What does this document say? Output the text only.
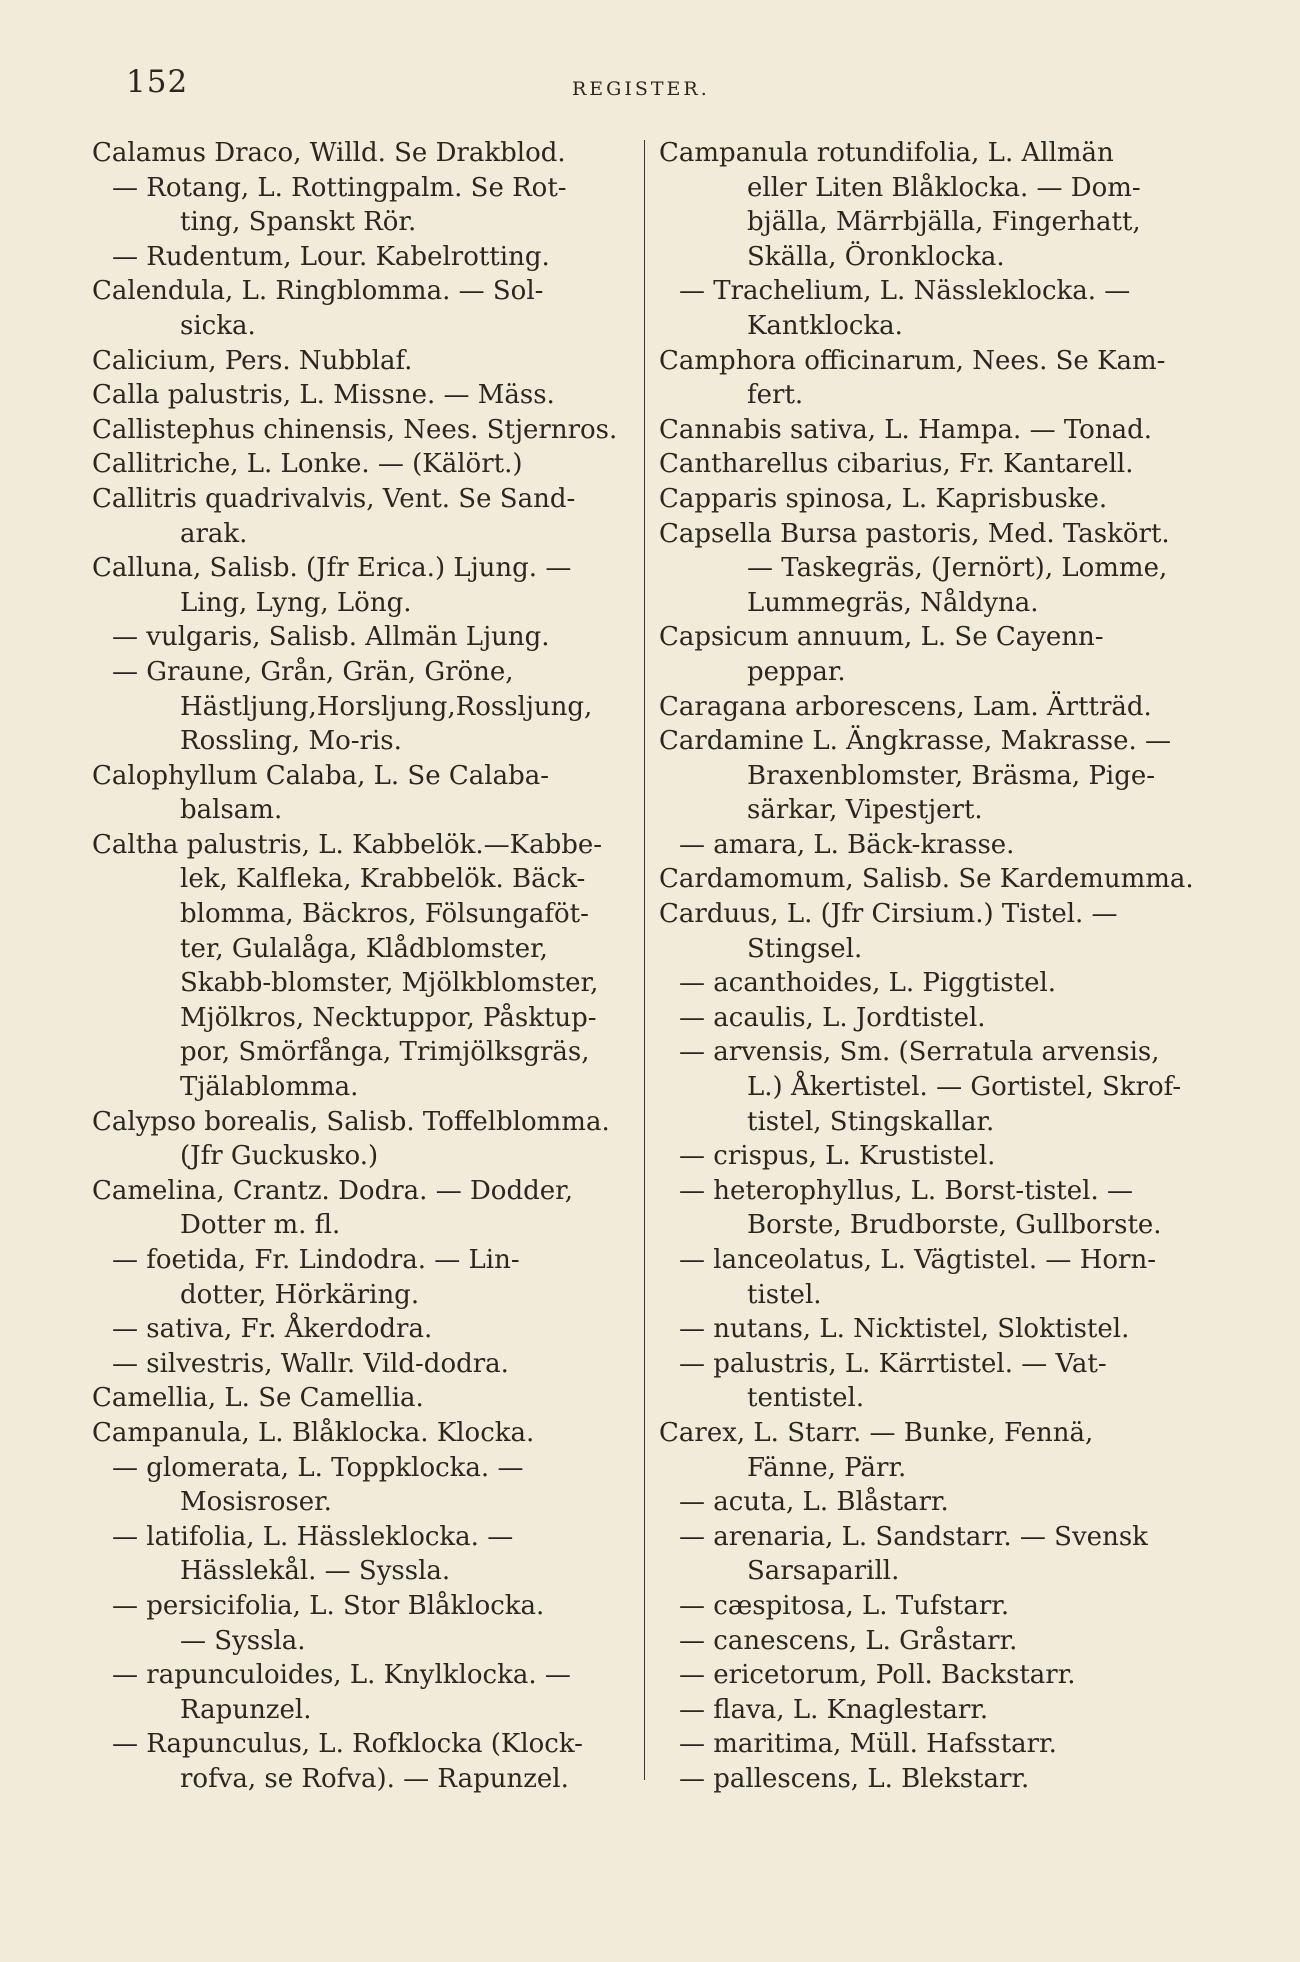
152	REGISTER.
Calamus Draco, Willd. Se Drakblod.
— Rotang, L. Rottingpalm. Se Rot-
ting, Spanskt Rör.
— Rudentum, Lour. Kabelrotting.
Calendula, L. Ringblomma. — Sol-
sicka.
Calicium, Pers. Nubblaf.
Calla palustris, L. Missne. — Mäss.
Callistephus chinensis, Nees. Stjernros.
Callitriche, L. Lonke. — (Kälört.)
Callitris quadrivalvis, Vent. Se Sand-
arak.
Calluna, Salisb. (Jfr Erica.) Ljung. —
Ling, Lyng, Löng.
— vulgaris, Salisb. Allmän Ljung.
— Graune, Grån, Grän, Gröne,
Hästljung,Horsljung,Rossljung,
Rossling, Mo-ris.
Calophyllum Calaba, L. Se Calaba-
balsam.
Caltha palustris, L. Kabbelök.—Kabbe-
lek, Kalfleka, Krabbelök. Bäck-
blomma, Bäckros, Fölsungaföt-
ter, Gulalåga, Klådblomster,
Skabb-blomster, Mjölkblomster,
Mjölkros, Necktuppor, Påsktup-
por, Smörfånga, Trimjölksgräs,
Tjälablomma.
Calypso borealis, Salisb. Toffelblomma.
(Jfr Guckusko.)
Camelina, Crantz. Dodra. — Dodder,
Dotter m. fl.
— foetida, Fr. Lindodra. — Lin-
dotter, Hörkäring.
— sativa, Fr. Åkerdodra.
— silvestris, Wallr. Vild-dodra.
Camellia, L. Se Camellia.
Campanula, L. Blåklocka. Klocka.
— glomerata, L. Toppklocka. —
Mosisroser.
— latifolia, L. Hässleklocka. —
Hässlekål. — Syssla.
— persicifolia, L. Stor Blåklocka.
— Syssla.
— rapunculoides, L. Knylklocka. —
Rapunzel.
— Rapunculus, L. Rofklocka (Klock-
rofva, se Rofva). — Rapunzel.
Campanula rotundifolia, L. Allmän
eller Liten Blåklocka. — Dom-
bjälla, Märrbjälla, Fingerhatt,
Skälla, Öronklocka.
— Trachelium, L. Nässleklocka. —
Kantklocka.
Camphora officinarum, Nees. Se Kam-
fert.
Cannabis sativa, L. Hampa. — Tonad.
Cantharellus cibarius, Fr. Kantarell.
Capparis spinosa, L. Kaprisbuske.
Capsella Bursa pastoris, Med. Taskört.
— Taskegräs, (Jernört), Lomme,
Lummegräs, Nåldyna.
Capsicum annuum, L. Se Cayenn-
peppar.
Caragana arborescens, Lam. Ärtträd.
Cardamine L. Ängkrasse, Makrasse. —
Braxenblomster, Bräsma, Pige-
särkar, Vipestjert.
— amara, L. Bäck-krasse.
Cardamomum, Salisb. Se Kardemumma.
Carduus, L. (Jfr Cirsium.) Tistel. —
Stingsel.
— acanthoides, L. Piggtistel.
— acaulis, L. Jordtistel.
— arvensis, Sm. (Serratula arvensis,
L.) Åkertistel. — Gortistel, Skrof-
tistel, Stingskallar.
— crispus, L. Krustistel.
— heterophyllus, L. Borst-tistel. —
Borste, Brudborste, Gullborste.
— lanceolatus, L. Vägtistel. — Horn-
tistel.
— nutans, L. Nicktistel, Sloktistel.
— palustris, L. Kärrtistel. — Vat-
tentistel.
Carex, L. Starr. — Bunke, Fennä,
Fänne, Pärr.
— acuta, L. Blåstarr.
— arenaria, L. Sandstarr. — Svensk
Sarsaparill.
— cæspitosa, L. Tufstarr.
— canescens, L. Gråstarr.
— ericetorum, Poll. Backstarr.
— flava, L. Knaglestarr.
— maritima, Müll. Hafsstarr.
— pallescens, L. Blekstarr.
